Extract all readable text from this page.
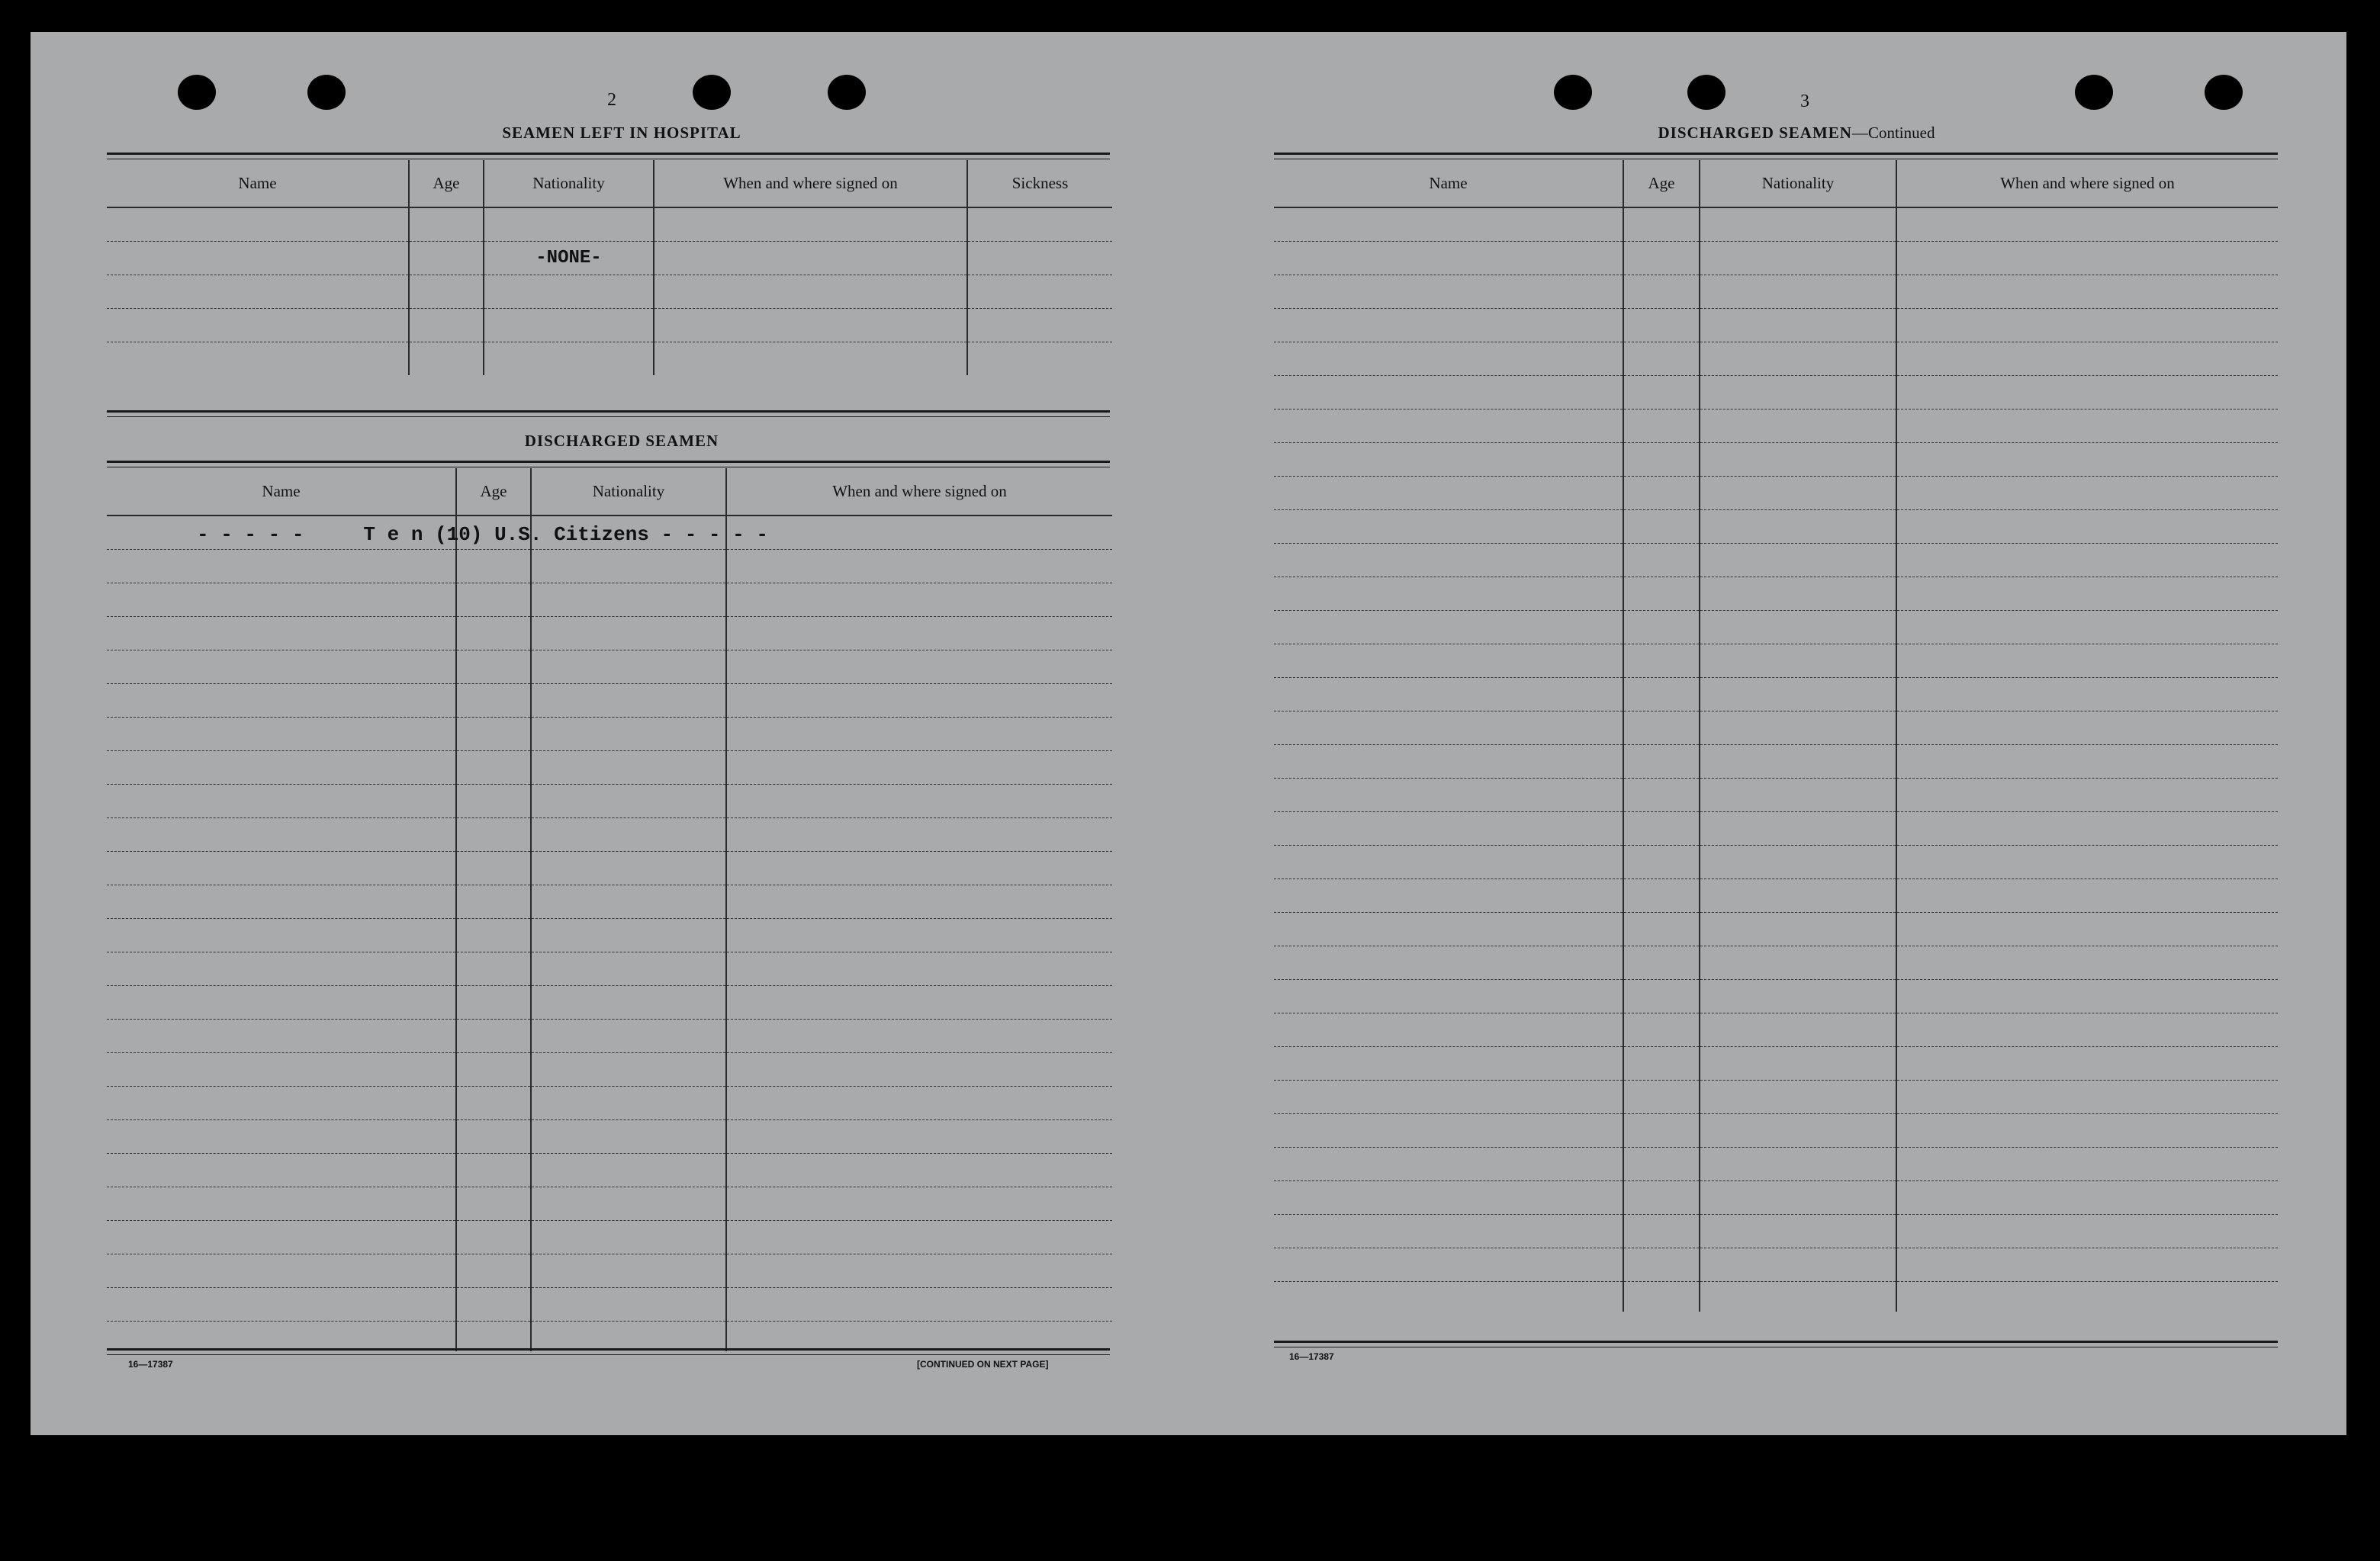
2
SEAMEN LEFT IN HOSPITAL
Name	Age	Nationality	When and where signed on	Sickness

		-NONE-		

DISCHARGED SEAMEN
Name	Age	Nationality	When and where signed on

- - - - -     T e n (10) U.S. Citizens - - - - -
16—17387	[CONTINUED ON NEXT PAGE]
3
DISCHARGED SEAMEN—Continued
Name	Age	Nationality	When and where signed on

16—17387
